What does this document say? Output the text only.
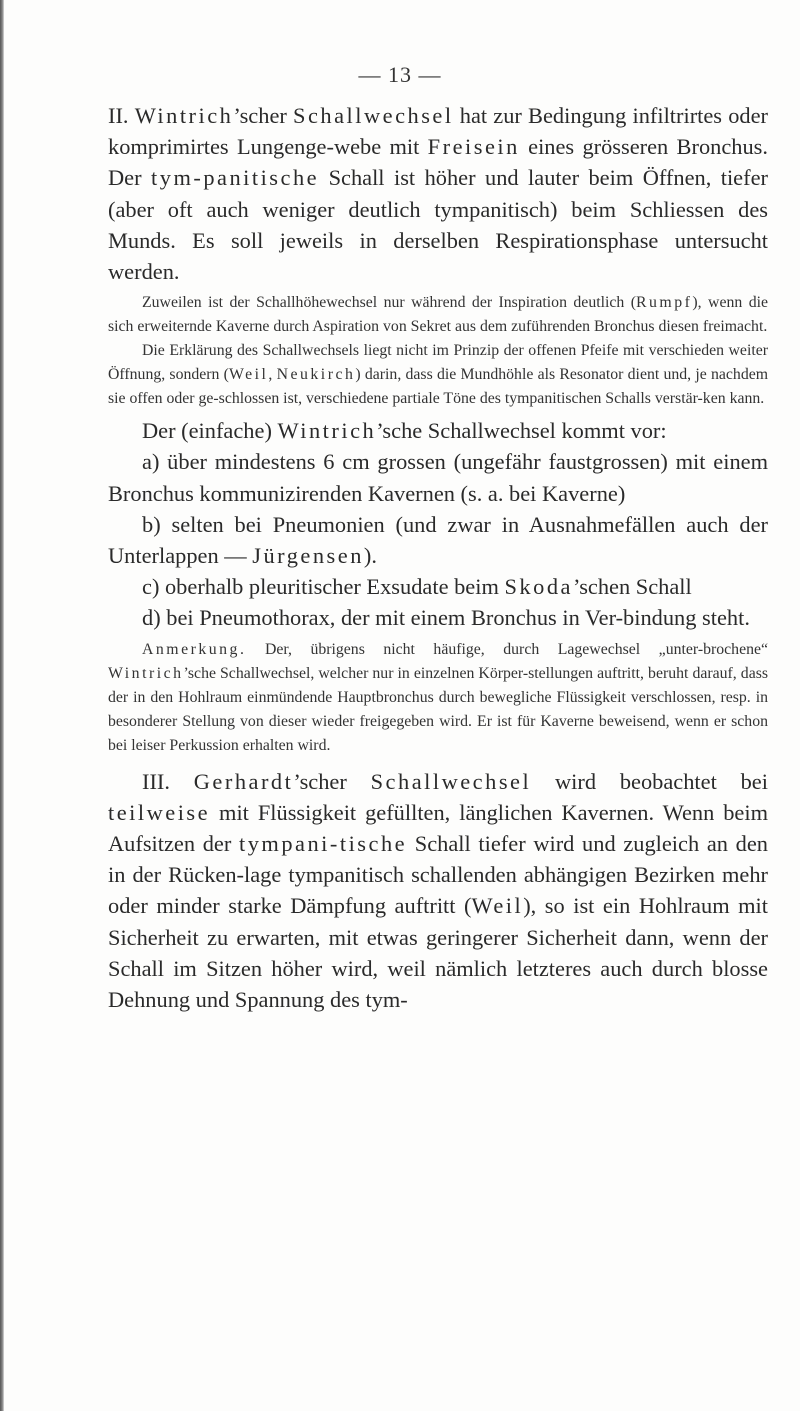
— 13 —

II. Wintrich’scher Schallwechsel hat zur Bedingung infiltrirtes oder komprimirtes Lungenge-webe mit Freisein eines grösseren Bronchus. Der tym-panitische Schall ist höher und lauter beim Öffnen, tiefer (aber oft auch weniger deutlich tympanitisch) beim Schliessen des Munds. Es soll jeweils in derselben Respirationsphase untersucht werden.

Zuweilen ist der Schallhöhewechsel nur während der Inspiration deutlich (Rumpf), wenn die sich erweiternde Kaverne durch Aspiration von Sekret aus dem zuführenden Bronchus diesen freimacht.

Die Erklärung des Schallwechsels liegt nicht im Prinzip der offenen Pfeife mit verschieden weiter Öffnung, sondern (Weil, Neukirch) darin, dass die Mundhöhle als Resonator dient und, je nachdem sie offen oder ge-schlossen ist, verschiedene partiale Töne des tympanitischen Schalls verstär-ken kann.

Der (einfache) Wintrich’sche Schallwechsel kommt vor:

a) über mindestens 6 cm grossen (ungefähr faustgrossen) mit einem Bronchus kommunizirenden Kavernen (s. a. bei Kaverne)

b) selten bei Pneumonien (und zwar in Ausnahmefällen auch der Unterlappen — Jürgensen).

c) oberhalb pleuritischer Exsudate beim Skoda’schen Schall

d) bei Pneumothorax, der mit einem Bronchus in Ver-bindung steht.

Anmerkung. Der, übrigens nicht häufige, durch Lagewechsel „unter-brochene“ Wintrich’sche Schallwechsel, welcher nur in einzelnen Körper-stellungen auftritt, beruht darauf, dass der in den Hohlraum einmündende Hauptbronchus durch bewegliche Flüssigkeit verschlossen, resp. in besonderer Stellung von dieser wieder freigegeben wird. Er ist für Kaverne beweisend, wenn er schon bei leiser Perkussion erhalten wird.

III. Gerhardt’scher Schallwechsel wird beobachtet bei teilweise mit Flüssigkeit gefüllten, länglichen Kavernen. Wenn beim Aufsitzen der tympani-tische Schall tiefer wird und zugleich an den in der Rücken-lage tympanitisch schallenden abhängigen Bezirken mehr oder minder starke Dämpfung auftritt (Weil), so ist ein Hohlraum mit Sicherheit zu erwarten, mit etwas geringerer Sicherheit dann, wenn der Schall im Sitzen höher wird, weil nämlich letzteres auch durch blosse Dehnung und Spannung des tym-
